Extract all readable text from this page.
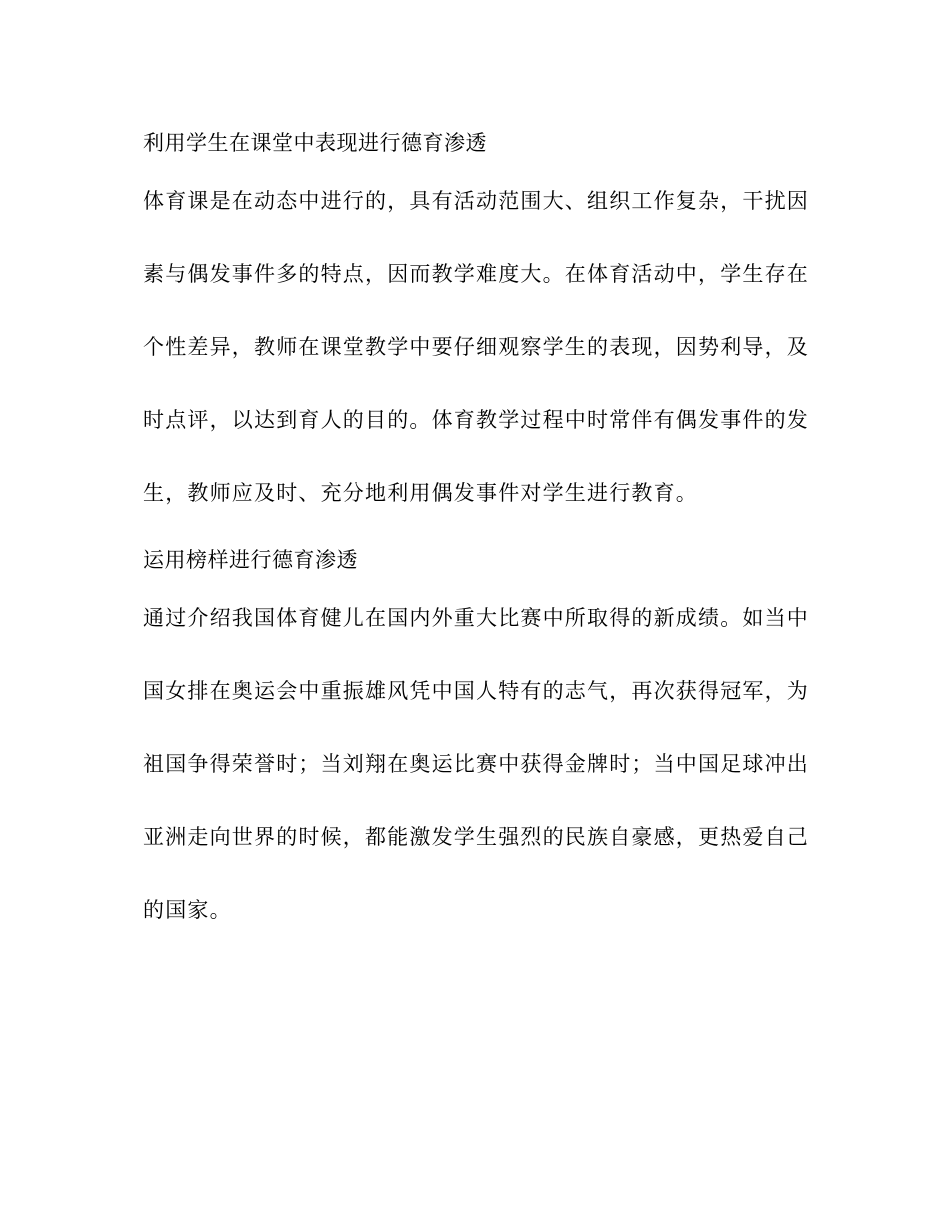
利用学生在课堂中表现进行德育渗透

体育课是在动态中进行的，具有活动范围大、组织工作复杂，干扰因
素与偶发事件多的特点，因而教学难度大。在体育活动中，学生存在
个性差异，教师在课堂教学中要仔细观察学生的表现，因势利导，及
时点评，以达到育人的目的。体育教学过程中时常伴有偶发事件的发
生，教师应及时、充分地利用偶发事件对学生进行教育。

运用榜样进行德育渗透

通过介绍我国体育健儿在国内外重大比赛中所取得的新成绩。如当中
国女排在奥运会中重振雄风凭中国人特有的志气，再次获得冠军，为
祖国争得荣誉时；当刘翔在奥运比赛中获得金牌时；当中国足球冲出
亚洲走向世界的时候，都能激发学生强烈的民族自豪感，更热爱自己
的国家。
